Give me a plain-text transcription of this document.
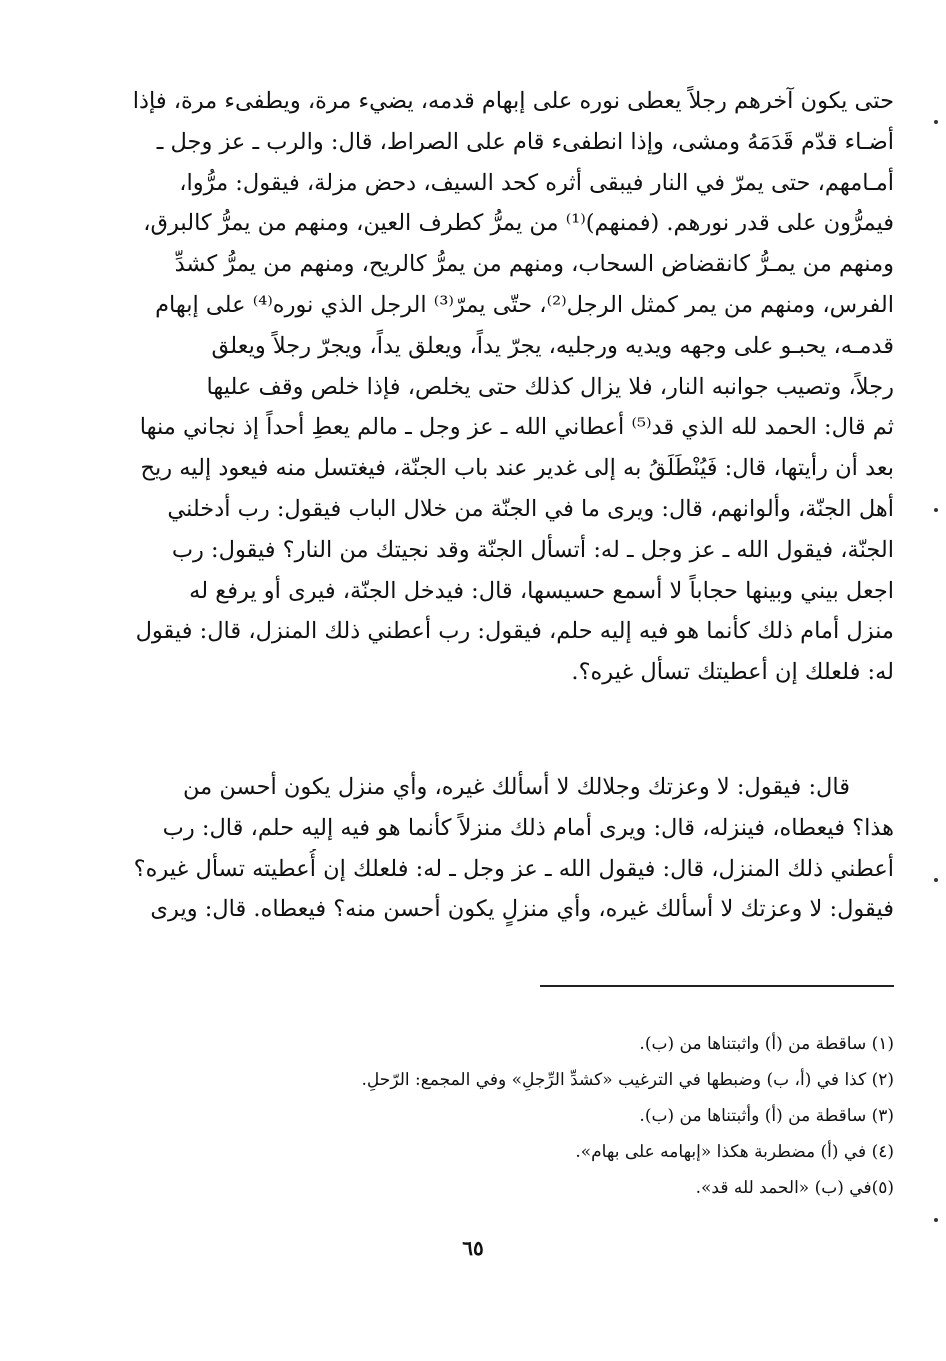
حتى يكون آخرهم رجلاً يعطى نوره على إبهام قدمه، يضيء مرة، ويطفىء مرة، فإذا
أضـاء قدّم قَدَمَهُ ومشى، وإذا انطفىء قام على الصراط، قال: والرب ـ عز وجل ـ
أمـامهم، حتى يمرّ في النار فيبقى أثره كحد السيف، دحض مزلة، فيقول: مرُّوا،
فيمرُّون على قدر نورهم. (فمنهم)⁽¹⁾ من يمرُّ كطرف العين، ومنهم من يمرُّ كالبرق،
ومنهم من يمـرُّ كانقضاض السحاب، ومنهم من يمرُّ كالريح، ومنهم من يمرُّ كشدِّ
الفرس، ومنهم من يمر كمثل الرجل⁽²⁾، حتّى يمرّ⁽³⁾ الرجل الذي نوره⁽⁴⁾ على إبهام
قدمـه، يحبـو على وجهه ويديه ورجليه، يجرّ يداً، ويعلق يداً، ويجرّ رجلاً ويعلق
رجلاً، وتصيب جوانبه النار، فلا يزال كذلك حتى يخلص، فإذا خلص وقف عليها
ثم قال: الحمد لله الذي قد⁽⁵⁾ أعطاني الله ـ عز وجل ـ مالم يعطِ أحداً إذ نجاني منها
بعد أن رأيتها، قال: فَيُنْطَلَقُ به إلى غدير عند باب الجنّة، فيغتسل منه فيعود إليه ريح
أهل الجنّة، وألوانهم، قال: ويرى ما في الجنّة من خلال الباب فيقول: رب أدخلني
الجنّة، فيقول الله ـ عز وجل ـ له: أتسأل الجنّة وقد نجيتك من النار؟ فيقول: رب
اجعل بيني وبينها حجاباً لا أسمع حسيسها، قال: فيدخل الجنّة، فيرى أو يرفع له
منزل أمام ذلك كأنما هو فيه إليه حلم، فيقول: رب أعطني ذلك المنزل، قال: فيقول
له: فلعلك إن أعطيتك تسأل غيره؟.
قال: فيقول: لا وعزتك وجلالك لا أسألك غيره، وأي منزل يكون أحسن من
هذا؟ فيعطاه، فينزله، قال: ويرى أمام ذلك منزلاً كأنما هو فيه إليه حلم، قال: رب
أعطني ذلك المنزل، قال: فيقول الله ـ عز وجل ـ له: فلعلك إن أُعطيته تسأل غيره؟
فيقول: لا وعزتك لا أسألك غيره، وأي منزلٍ يكون أحسن منه؟ فيعطاه. قال: ويرى
(١) ساقطة من (أ) واثبتناها من (ب).
(٢) كذا في (أ، ب) وضبطها في الترغيب «كشدِّ الرِّجلِ» وفي المجمع: الرّحلِ.
(٣) ساقطة من (أ) وأثبتناها من (ب).
(٤) في (أ) مضطربة هكذا «إبهامه على بهام».
(٥)في (ب) «الحمد لله قد».
٦٥
